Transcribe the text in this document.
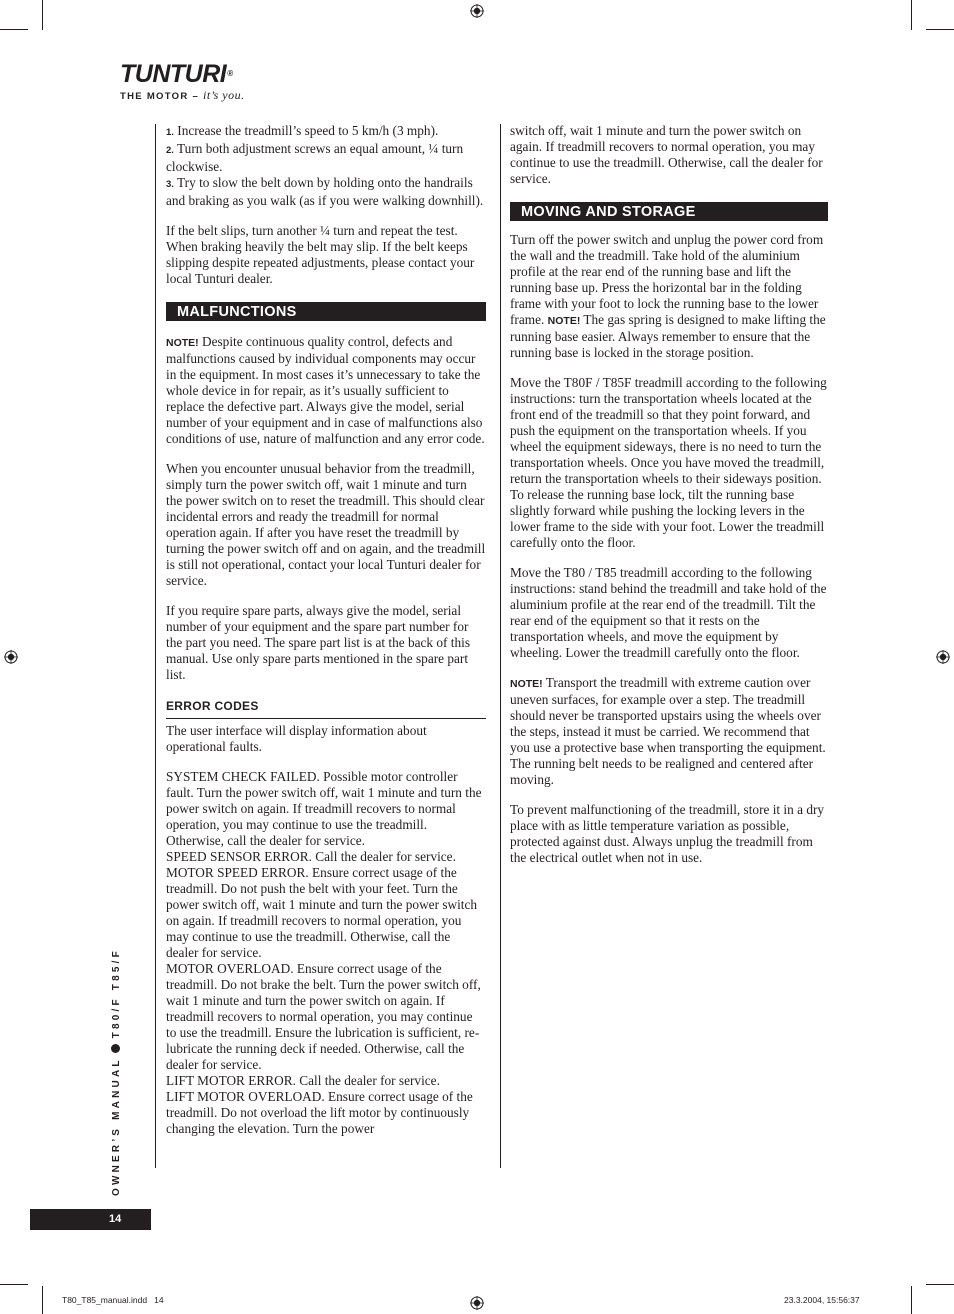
TUNTURI®
THE MOTOR – it’s you.

1. Increase the treadmill’s speed to 5 km/h (3 mph).

2. Turn both adjustment screws an equal amount, ¼ turn clockwise.

3. Try to slow the belt down by holding onto the handrails and braking as you walk (as if you were walking downhill).

If the belt slips, turn another ¼ turn and repeat the test. When braking heavily the belt may slip. If the belt keeps slipping despite repeated adjustments, please contact your local Tunturi dealer.

MALFUNCTIONS

NOTE! Despite continuous quality control, defects and malfunctions caused by individual components may occur in the equipment. In most cases it’s unnecessary to take the whole device in for repair, as it’s usually sufficient to replace the defective part. Always give the model, serial number of your equipment and in case of malfunctions also conditions of use, nature of malfunction and any error code.

When you encounter unusual behavior from the treadmill, simply turn the power switch off, wait 1 minute and turn the power switch on to reset the treadmill. This should clear incidental errors and ready the treadmill for normal operation again. If after you have reset the treadmill by turning the power switch off and on again, and the treadmill is still not operational, contact your local Tunturi dealer for service.

If you require spare parts, always give the model, serial number of your equipment and the spare part number for the part you need. The spare part list is at the back of this manual. Use only spare parts mentioned in the spare part list.

ERROR CODES

The user interface will display information about operational faults.

SYSTEM CHECK FAILED. Possible motor controller fault. Turn the power switch off, wait 1 minute and turn the power switch on again. If treadmill recovers to normal operation, you may continue to use the treadmill. Otherwise, call the dealer for service.

SPEED SENSOR ERROR. Call the dealer for service.

MOTOR SPEED ERROR. Ensure correct usage of the treadmill. Do not push the belt with your feet. Turn the power switch off, wait 1 minute and turn the power switch on again. If treadmill recovers to normal operation, you may continue to use the treadmill. Otherwise, call the dealer for service.

MOTOR OVERLOAD. Ensure correct usage of the treadmill. Do not brake the belt. Turn the power switch off, wait 1 minute and turn the power switch on again. If treadmill recovers to normal operation, you may continue to use the treadmill. Ensure the lubrication is sufficient, re-lubricate the running deck if needed. Otherwise, call the dealer for service.

LIFT MOTOR ERROR. Call the dealer for service.

LIFT MOTOR OVERLOAD. Ensure correct usage of the treadmill. Do not overload the lift motor by continuously changing the elevation. Turn the power

switch off, wait 1 minute and turn the power switch on again. If treadmill recovers to normal operation, you may continue to use the treadmill. Otherwise, call the dealer for service.

MOVING AND STORAGE

Turn off the power switch and unplug the power cord from the wall and the treadmill. Take hold of the aluminium profile at the rear end of the running base and lift the running base up. Press the horizontal bar in the folding frame with your foot to lock the running base to the lower frame. NOTE! The gas spring is designed to make lifting the running base easier. Always remember to ensure that the running base is locked in the storage position.

Move the T80F / T85F treadmill according to the following instructions: turn the transportation wheels located at the front end of the treadmill so that they point forward, and push the equipment on the transportation wheels. If you wheel the equipment sideways, there is no need to turn the transportation wheels. Once you have moved the treadmill, return the transportation wheels to their sideways position. To release the running base lock, tilt the running base slightly forward while pushing the locking levers in the lower frame to the side with your foot. Lower the treadmill carefully onto the floor.

Move the T80 / T85 treadmill according to the following instructions: stand behind the treadmill and take hold of the aluminium profile at the rear end of the treadmill. Tilt the rear end of the equipment so that it rests on the transportation wheels, and move the equipment by wheeling. Lower the treadmill carefully onto the floor.

NOTE! Transport the treadmill with extreme caution over uneven surfaces, for example over a step. The treadmill should never be transported upstairs using the wheels over the steps, instead it must be carried. We recommend that you use a protective base when transporting the equipment. The running belt needs to be realigned and centered after moving.

To prevent malfunctioning of the treadmill, store it in a dry place with as little temperature variation as possible, protected against dust. Always unplug the treadmill from the electrical outlet when not in use.

OWNER’S MANUALT80/F T85/F
14
T80_T85_manual.indd   14	23.3.2004, 15:56:37
